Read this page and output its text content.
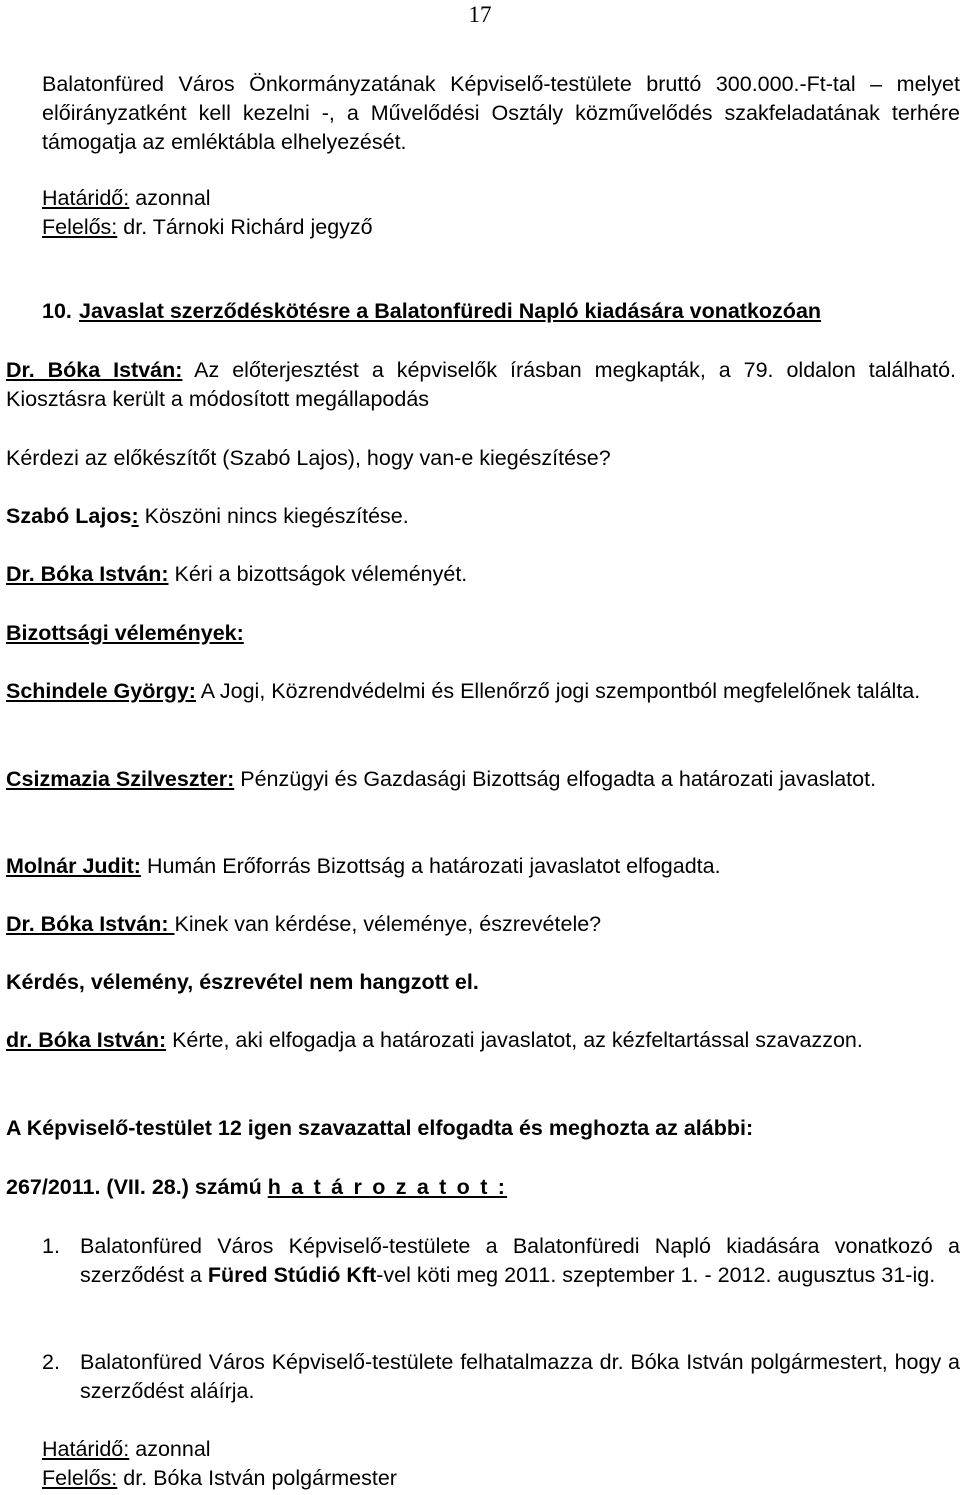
17

Balatonfüred Város Önkormányzatának Képviselő-testülete bruttó 300.000.-Ft-tal – melyet előirányzatként kell kezelni -, a Művelődési Osztály közművelődés szakfeladatának terhére támogatja az emléktábla elhelyezését.

Határidő: azonnal

Felelős: dr. Tárnoki Richárd jegyző

10. Javaslat szerződéskötésre a Balatonfüredi Napló kiadására vonatkozóan

Dr. Bóka István: Az előterjesztést a képviselők írásban megkapták, a 79. oldalon található. Kiosztásra került a módosított megállapodás

Kérdezi az előkészítőt (Szabó Lajos), hogy van-e kiegészítése?

Szabó Lajos: Köszöni nincs kiegészítése.

Dr. Bóka István: Kéri a bizottságok véleményét.

Bizottsági vélemények:

Schindele György: A Jogi, Közrendvédelmi és Ellenőrző jogi szempontból megfelelőnek találta.

Csizmazia Szilveszter: Pénzügyi és Gazdasági Bizottság elfogadta a határozati javaslatot.

Molnár Judit: Humán Erőforrás Bizottság a határozati javaslatot elfogadta.

Dr. Bóka István: Kinek van kérdése, véleménye, észrevétele?

Kérdés, vélemény, észrevétel nem hangzott el.

dr. Bóka István: Kérte, aki elfogadja a határozati javaslatot, az kézfeltartással szavazzon.

A Képviselő-testület 12 igen szavazattal elfogadta és meghozta az alábbi:

267/2011. (VII. 28.) számú h a t á r o z a t o t :

1. Balatonfüred Város Képviselő-testülete a Balatonfüredi Napló kiadására vonatkozó a szerződést a Füred Stúdió Kft-vel köti meg 2011. szeptember 1. - 2012. augusztus 31-ig.
2. Balatonfüred Város Képviselő-testülete felhatalmazza dr. Bóka István polgármestert, hogy a szerződést aláírja.

Határidő: azonnal

Felelős: dr. Bóka István polgármester
